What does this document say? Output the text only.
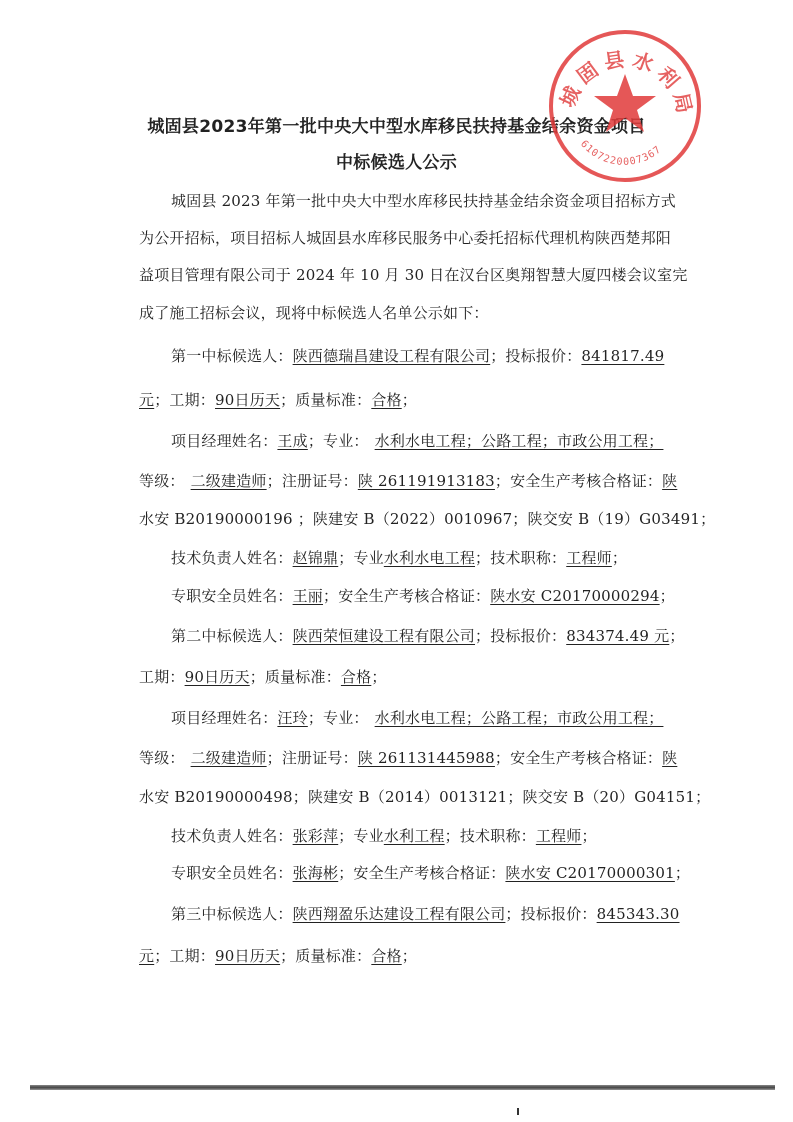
城固县2023年第一批中央大中型水库移民扶持基金结余资金项目
中标候选人公示
城固县 2023 年第一批中央大中型水库移民扶持基金结余资金项目招标方式
为公开招标，项目招标人城固县水库移民服务中心委托招标代理机构陕西楚邦阳
益项目管理有限公司于 2024 年 10 月 30 日在汉台区奥翔智慧大厦四楼会议室完
成了施工招标会议，现将中标候选人名单公示如下：
第一中标候选人：陕西德瑞昌建设工程有限公司；投标报价：841817.49
元；工期：90日历天；质量标准：合格；
项目经理姓名：王成；专业： 水利水电工程；公路工程；市政公用工程；
等级： 二级建造师；注册证号：陕 261191913183；安全生产考核合格证：陕
水安 B20190000196 ；陕建安 B（2022）0010967；陕交安 B（19）G03491；
技术负责人姓名：赵锦鼎；专业水利水电工程；技术职称：工程师；
专职安全员姓名：王丽；安全生产考核合格证：陕水安 C20170000294；
第二中标候选人：陕西荣恒建设工程有限公司；投标报价：834374.49 元；
工期：90日历天；质量标准：合格；
项目经理姓名：汪玲；专业： 水利水电工程；公路工程；市政公用工程；
等级： 二级建造师；注册证号：陕 261131445988；安全生产考核合格证：陕
水安 B20190000498；陕建安 B（2014）0013121；陕交安 B（20）G04151；
技术负责人姓名：张彩萍；专业水利工程；技术职称：工程师；
专职安全员姓名：张海彬；安全生产考核合格证：陕水安 C20170000301；
第三中标候选人：陕西翔盈乐达建设工程有限公司；投标报价：845343.30
元；工期：90日历天；质量标准：合格；
城固县水利局
6107220007367
